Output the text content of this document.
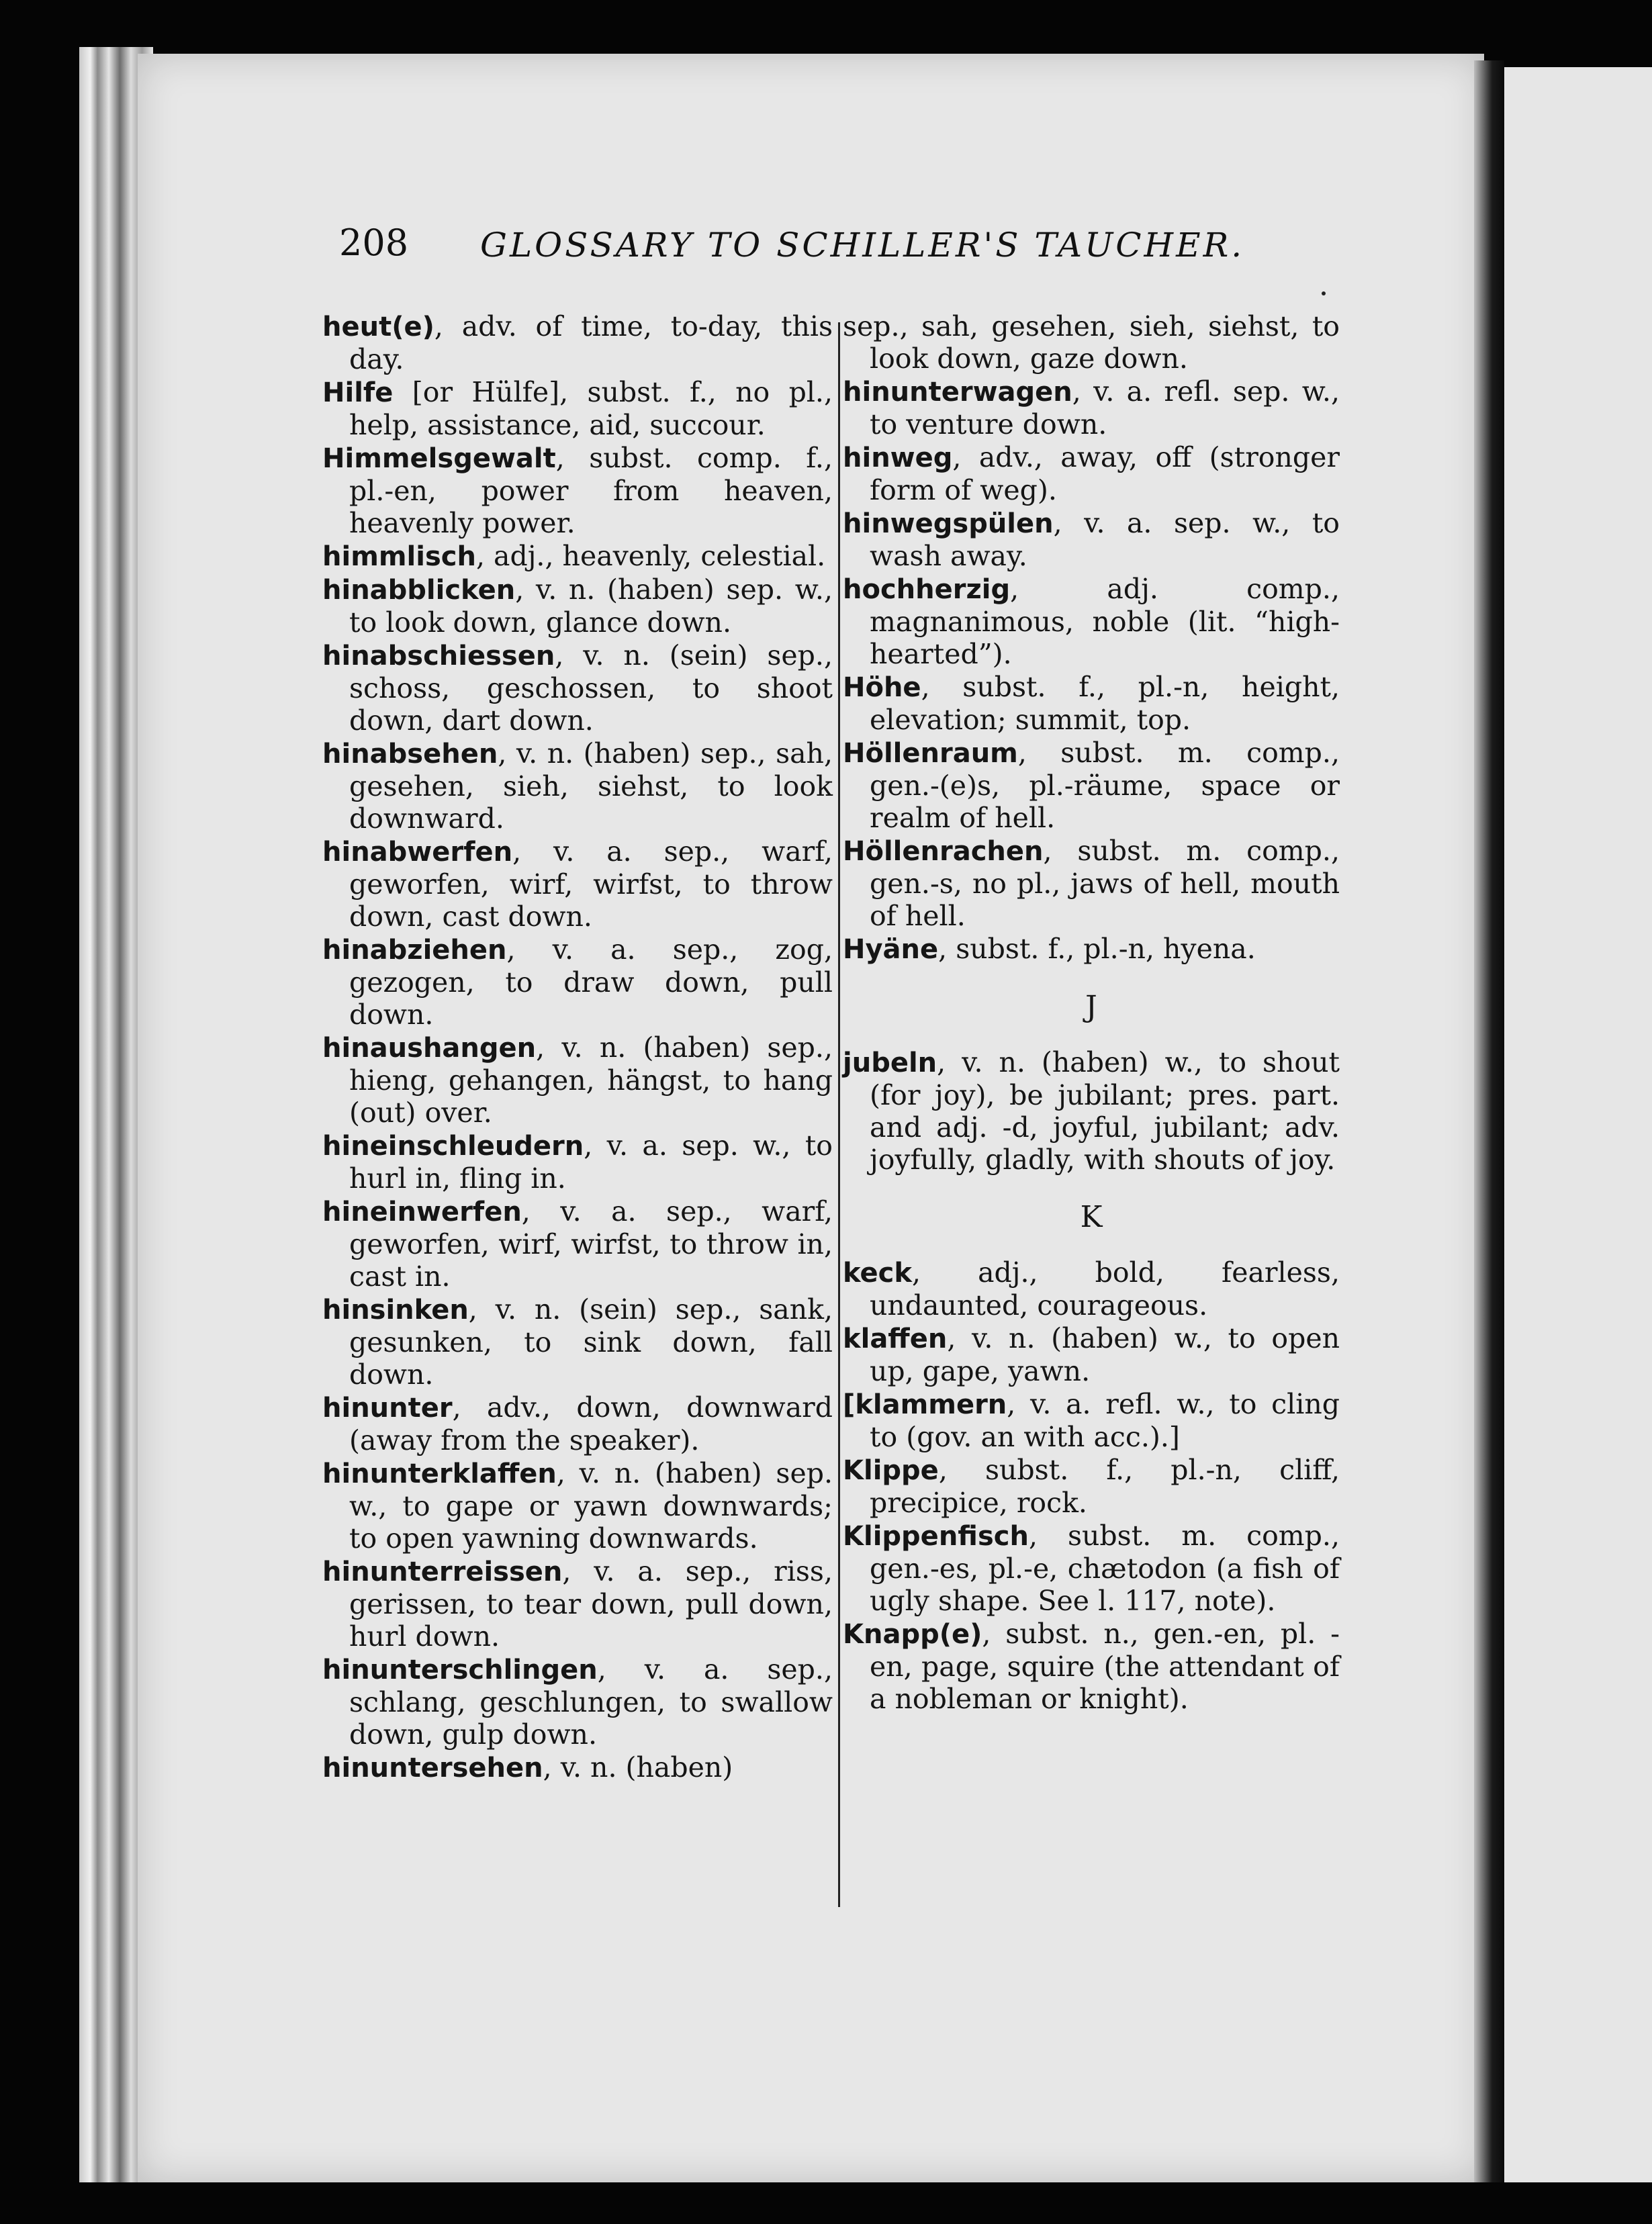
208 GLOSSARY TO SCHILLER'S TAUCHER.

heut(e), adv. of time, to-day, this day.

Hilfe [or Hülfe], subst. f., no pl., help, assistance, aid, succour.

Himmelsgewalt, subst. comp. f., pl.-en, power from heaven, heavenly power.

himmlisch, adj., heavenly, celestial.

hinabblicken, v. n. (haben) sep. w., to look down, glance down.

hinabschiessen, v. n. (sein) sep., schoss, geschossen, to shoot down, dart down.

hinabsehen, v. n. (haben) sep., sah, gesehen, sieh, siehst, to look downward.

hinabwerfen, v. a. sep., warf, geworfen, wirf, wirfst, to throw down, cast down.

hinabziehen, v. a. sep., zog, gezogen, to draw down, pull down.

hinaushangen, v. n. (haben) sep., hieng, gehangen, hängst, to hang (out) over.

hineinschleudern, v. a. sep. w., to hurl in, fling in.

hineinwerfen, v. a. sep., warf, geworfen, wirf, wirfst, to throw in, cast in.

hinsinken, v. n. (sein) sep., sank, gesunken, to sink down, fall down.

hinunter, adv., down, downward (away from the speaker).

hinunterklaffen, v. n. (haben) sep. w., to gape or yawn downwards; to open yawning downwards.

hinunterreissen, v. a. sep., riss, gerissen, to tear down, pull down, hurl down.

hinunterschlingen, v. a. sep., schlang, geschlungen, to swallow down, gulp down.

hinuntersehen, v. n. (haben)

sep., sah, gesehen, sieh, siehst, to look down, gaze down.

hinunterwagen, v. a. refl. sep. w., to venture down.

hinweg, adv., away, off (stronger form of weg).

hinwegspülen, v. a. sep. w., to wash away.

hochherzig, adj. comp., magnanimous, noble (lit. “high-hearted”).

Höhe, subst. f., pl.-n, height, elevation; summit, top.

Höllenraum, subst. m. comp., gen.-(e)s, pl.-räume, space or realm of hell.

Höllenrachen, subst. m. comp., gen.-s, no pl., jaws of hell, mouth of hell.

Hyäne, subst. f., pl.-n, hyena.

J

jubeln, v. n. (haben) w., to shout (for joy), be jubilant; pres. part. and adj. -d, joyful, jubilant; adv. joyfully, gladly, with shouts of joy.

K

keck, adj., bold, fearless, undaunted, courageous.

klaffen, v. n. (haben) w., to open up, gape, yawn.

[klammern, v. a. refl. w., to cling to (gov. an with acc.).]

Klippe, subst. f., pl.-n, cliff, precipice, rock.

Klippenfisch, subst. m. comp., gen.-es, pl.-e, chætodon (a fish of ugly shape. See l. 117, note).

Knapp(e), subst. n., gen.-en, pl. -en, page, squire (the attendant of a nobleman or knight).
